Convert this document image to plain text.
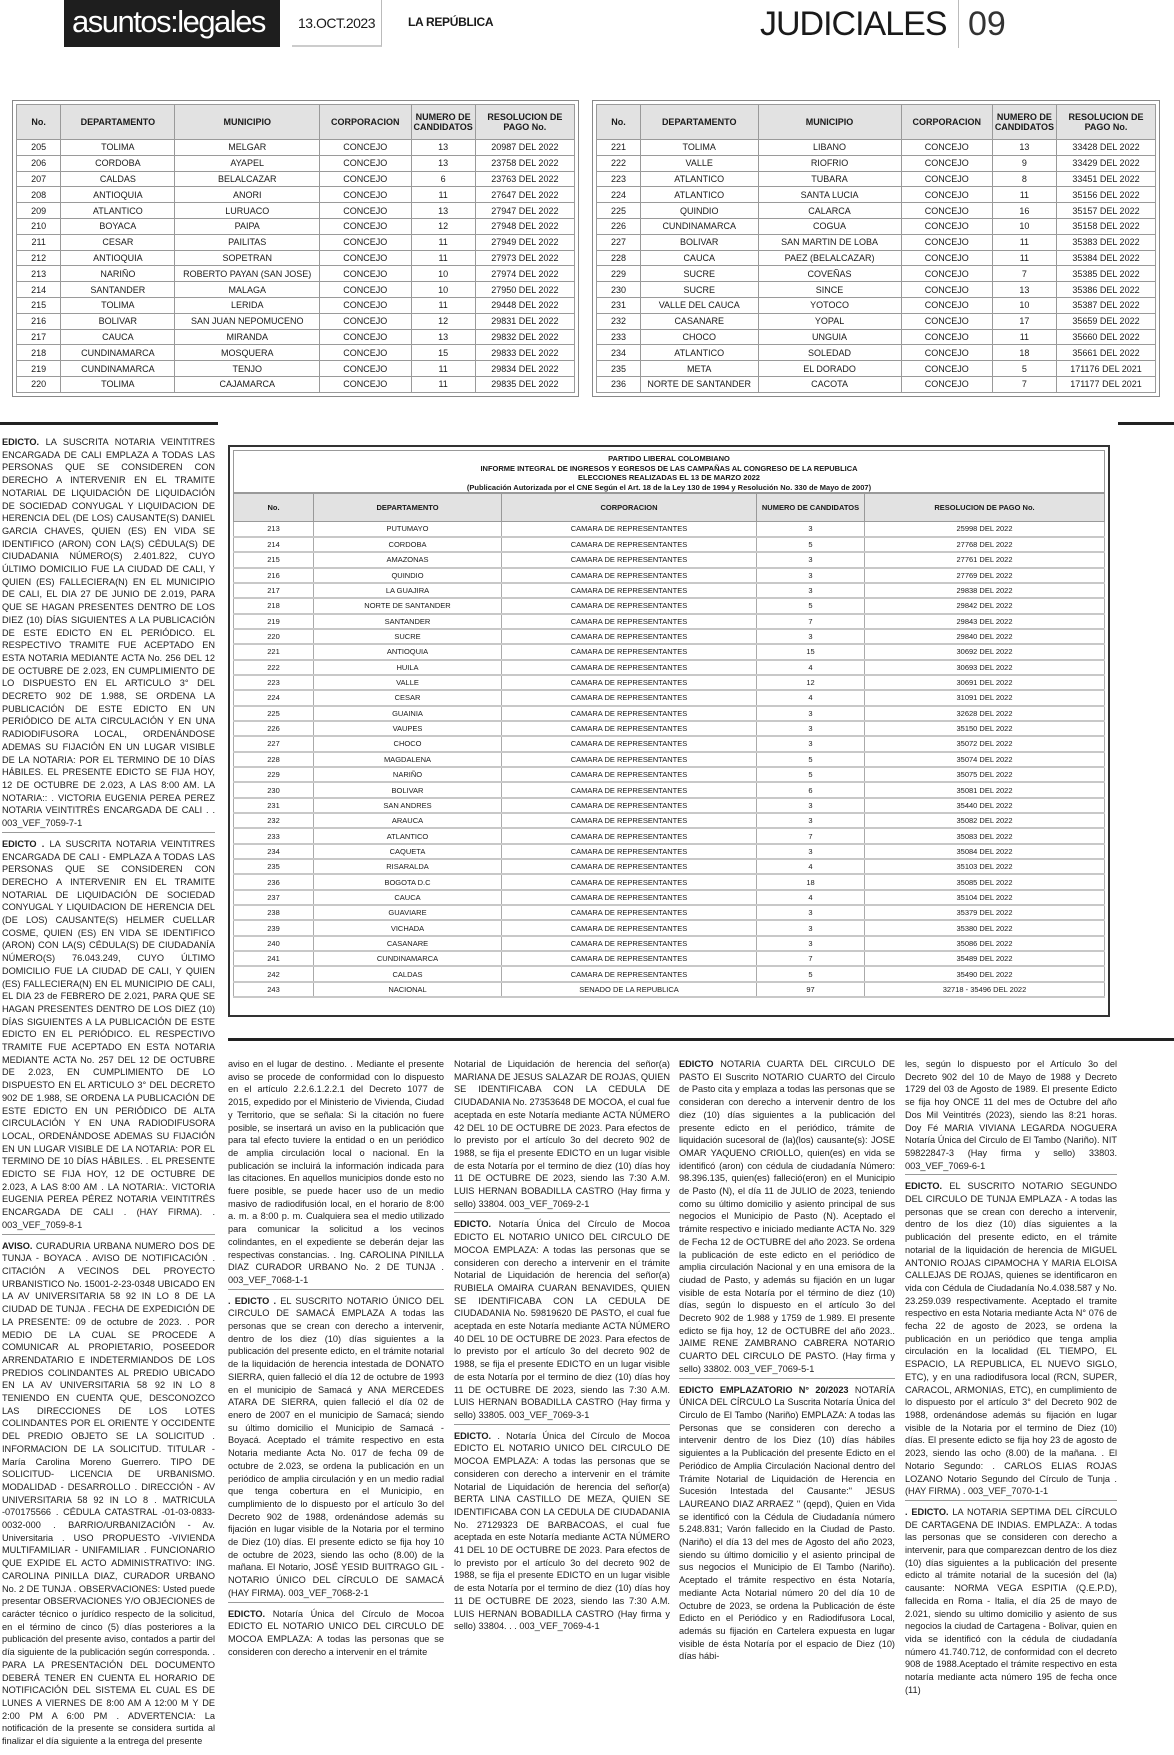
asuntos:legales	13.OCT.2023	LA REPÚBLICA	JUDICIALES 09
No.	DEPARTAMENTO	MUNICIPIO	CORPORACION	NUMERO DE CANDIDATOS	RESOLUCION DE PAGO No.
205	TOLIMA	MELGAR	CONCEJO	13	20987 DEL 2022
206	CORDOBA	AYAPEL	CONCEJO	13	23758 DEL 2022
207	CALDAS	BELALCAZAR	CONCEJO	6	23763 DEL 2022
208	ANTIOQUIA	ANORI	CONCEJO	11	27647 DEL 2022
209	ATLANTICO	LURUACO	CONCEJO	13	27947 DEL 2022
210	BOYACA	PAIPA	CONCEJO	12	27948 DEL 2022
211	CESAR	PAILITAS	CONCEJO	11	27949 DEL 2022
212	ANTIOQUIA	SOPETRAN	CONCEJO	11	27973 DEL 2022
213	NARIÑO	ROBERTO PAYAN (SAN JOSE)	CONCEJO	10	27974 DEL 2022
214	SANTANDER	MALAGA	CONCEJO	10	27950 DEL 2022
215	TOLIMA	LERIDA	CONCEJO	11	29448 DEL 2022
216	BOLIVAR	SAN JUAN NEPOMUCENO	CONCEJO	12	29831 DEL 2022
217	CAUCA	MIRANDA	CONCEJO	13	29832 DEL 2022
218	CUNDINAMARCA	MOSQUERA	CONCEJO	15	29833 DEL 2022
219	CUNDINAMARCA	TENJO	CONCEJO	11	29834 DEL 2022
220	TOLIMA	CAJAMARCA	CONCEJO	11	29835 DEL 2022
No.	DEPARTAMENTO	MUNICIPIO	CORPORACION	NUMERO DE CANDIDATOS	RESOLUCION DE PAGO No.
221	TOLIMA	LIBANO	CONCEJO	13	33428 DEL 2022
222	VALLE	RIOFRIO	CONCEJO	9	33429 DEL 2022
223	ATLANTICO	TUBARA	CONCEJO	8	33451 DEL 2022
224	ATLANTICO	SANTA LUCIA	CONCEJO	11	35156 DEL 2022
225	QUINDIO	CALARCA	CONCEJO	16	35157 DEL 2022
226	CUNDINAMARCA	COGUA	CONCEJO	10	35158 DEL 2022
227	BOLIVAR	SAN MARTIN DE LOBA	CONCEJO	11	35383 DEL 2022
228	CAUCA	PAEZ (BELALCAZAR)	CONCEJO	11	35384 DEL 2022
229	SUCRE	COVEÑAS	CONCEJO	7	35385 DEL 2022
230	SUCRE	SINCE	CONCEJO	13	35386 DEL 2022
231	VALLE DEL CAUCA	YOTOCO	CONCEJO	10	35387 DEL 2022
232	CASANARE	YOPAL	CONCEJO	17	35659 DEL 2022
233	CHOCO	UNGUIA	CONCEJO	11	35660 DEL 2022
234	ATLANTICO	SOLEDAD	CONCEJO	18	35661 DEL 2022
235	META	EL DORADO	CONCEJO	5	171176 DEL 2021
236	NORTE DE SANTANDER	CACOTA	CONCEJO	7	171177 DEL 2021
PARTIDO LIBERAL COLOMBIANO
INFORME INTEGRAL DE INGRESOS Y EGRESOS DE LAS CAMPAÑAS AL CONGRESO DE LA REPUBLICA
ELECCIONES REALIZADAS EL 13 DE MARZO 2022
(Publicación Autorizada por el CNE Según el Art. 18 de la Ley 130 de 1994 y Resolución No. 330 de Mayo de 2007)
No.	DEPARTAMENTO	CORPORACION	NUMERO DE CANDIDATOS	RESOLUCION DE PAGO No.
213	PUTUMAYO	CAMARA DE REPRESENTANTES	3	25998 DEL 2022
214	CORDOBA	CAMARA DE REPRESENTANTES	5	27768 DEL 2022
215	AMAZONAS	CAMARA DE REPRESENTANTES	3	27761 DEL 2022
216	QUINDIO	CAMARA DE REPRESENTANTES	3	27769 DEL 2022
217	LA GUAJIRA	CAMARA DE REPRESENTANTES	3	29838 DEL 2022
218	NORTE DE SANTANDER	CAMARA DE REPRESENTANTES	5	29842 DEL 2022
219	SANTANDER	CAMARA DE REPRESENTANTES	7	29843 DEL 2022
220	SUCRE	CAMARA DE REPRESENTANTES	3	29840 DEL 2022
221	ANTIOQUIA	CAMARA DE REPRESENTANTES	15	30692 DEL 2022
222	HUILA	CAMARA DE REPRESENTANTES	4	30693 DEL 2022
223	VALLE	CAMARA DE REPRESENTANTES	12	30691 DEL 2022
224	CESAR	CAMARA DE REPRESENTANTES	4	31091 DEL 2022
225	GUAINIA	CAMARA DE REPRESENTANTES	3	32628 DEL 2022
226	VAUPES	CAMARA DE REPRESENTANTES	3	35150 DEL 2022
227	CHOCO	CAMARA DE REPRESENTANTES	3	35072 DEL 2022
228	MAGDALENA	CAMARA DE REPRESENTANTES	5	35074 DEL 2022
229	NARIÑO	CAMARA DE REPRESENTANTES	5	35075 DEL 2022
230	BOLIVAR	CAMARA DE REPRESENTANTES	6	35081 DEL 2022
231	SAN ANDRES	CAMARA DE REPRESENTANTES	3	35440 DEL 2022
232	ARAUCA	CAMARA DE REPRESENTANTES	3	35082 DEL 2022
233	ATLANTICO	CAMARA DE REPRESENTANTES	7	35083 DEL 2022
234	CAQUETA	CAMARA DE REPRESENTANTES	3	35084 DEL 2022
235	RISARALDA	CAMARA DE REPRESENTANTES	4	35103 DEL 2022
236	BOGOTA D.C	CAMARA DE REPRESENTANTES	18	35085 DEL 2022
237	CAUCA	CAMARA DE REPRESENTANTES	4	35104 DEL 2022
238	GUAVIARE	CAMARA DE REPRESENTANTES	3	35379 DEL 2022
239	VICHADA	CAMARA DE REPRESENTANTES	3	35380 DEL 2022
240	CASANARE	CAMARA DE REPRESENTANTES	3	35086 DEL 2022
241	CUNDINAMARCA	CAMARA DE REPRESENTANTES	7	35489 DEL 2022
242	CALDAS	CAMARA DE REPRESENTANTES	5	35490 DEL 2022
243	NACIONAL	SENADO DE LA REPUBLICA	97	32718 - 35496 DEL 2022
EDICTO. LA SUSCRITA NOTARIA VEINTITRES ENCARGADA DE CALI EMPLAZA A TODAS LAS PERSONAS QUE SE CONSIDEREN CON DERECHO A INTERVENIR EN EL TRAMITE NOTARIAL DE LIQUIDACIÓN DE LIQUIDACIÓN DE SOCIEDAD CONYUGAL Y LIQUIDACION DE HERENCIA DEL (DE LOS) CAUSANTE(S) DANIEL GARCIA CHAVES, QUIEN (ES) EN VIDA SE IDENTIFICO (ARON) CON LA(S) CÉDULA(S) DE CIUDADANIA NÚMERO(S) 2.401.822, CUYO ÚLTIMO DOMICILIO FUE LA CIUDAD DE CALI, Y QUIEN (ES) FALLECIERA(N) EN EL MUNICIPIO DE CALI, EL DIA 27 DE JUNIO DE 2.019, PARA QUE SE HAGAN PRESENTES DENTRO DE LOS DIEZ (10) DÍAS SIGUIENTES A LA PUBLICACIÓN DE ESTE EDICTO EN EL PERIÓDICO. EL RESPECTIVO TRAMITE FUE ACEPTADO EN ESTA NOTARIA MEDIANTE ACTA No. 256 DEL 12 DE OCTUBRE DE 2.023, EN CUMPLIMIENTO DE LO DISPUESTO EN EL ARTICULO 3° DEL DECRETO 902 DE 1.988, SE ORDENA LA PUBLICACIÓN DE ESTE EDICTO EN UN PERIÓDICO DE ALTA CIRCULACIÓN Y EN UNA RADIODIFUSORA LOCAL, ORDENÁNDOSE ADEMAS SU FIJACIÓN EN UN LUGAR VISIBLE DE LA NOTARIA: POR EL TERMINO DE 10 DÍAS HÁBILES. EL PRESENTE EDICTO SE FIJA HOY, 12 DE OCTUBRE DE 2.023, A LAS 8:00 AM. LA NOTARIA:: . VICTORIA EUGENIA PEREA PEREZ NOTARIA VEINTITRÉS ENCARGADA DE CALI . . 003_VEF_7059-7-1
EDICTO . LA SUSCRITA NOTARIA VEINTITRES ENCARGADA DE CALI - EMPLAZA A TODAS LAS PERSONAS QUE SE CONSIDEREN CON DERECHO A INTERVENIR EN EL TRAMITE NOTARIAL DE LIQUIDACIÓN DE SOCIEDAD CONYUGAL Y LIQUIDACION DE HERENCIA DEL (DE LOS) CAUSANTE(S) HELMER CUELLAR COSME, QUIEN (ES) EN VIDA SE IDENTIFICO (ARON) CON LA(S) CÉDULA(S) DE CIUDADANÍA NÚMERO(S) 76.043.249, CUYO ÚLTIMO DOMICILIO FUE LA CIUDAD DE CALI, Y QUIEN (ES) FALLECIERA(N) EN EL MUNICIPIO DE CALI, EL DIA 23 de FEBRERO DE 2.021, PARA QUE SE HAGAN PRESENTES DENTRO DE LOS DIEZ (10) DÍAS SIGUIENTES A LA PUBLICACIÓN DE ESTE EDICTO EN EL PERIÓDICO. EL RESPECTIVO TRAMITE FUE ACEPTADO EN ESTA NOTARIA MEDIANTE ACTA No. 257 DEL 12 DE OCTUBRE DE 2.023, EN CUMPLIMIENTO DE LO DISPUESTO EN EL ARTICULO 3° DEL DECRETO 902 DE 1.988, SE ORDENA LA PUBLICACIÓN DE ESTE EDICTO EN UN PERIÓDICO DE ALTA CIRCULACIÓN Y EN UNA RADIODIFUSORA LOCAL, ORDENÁNDOSE ADEMAS SU FIJACIÓN EN UN LUGAR VISIBLE DE LA NOTARIA: POR EL TERMINO DE 10 DÍAS HÁBILES. . EL PRESENTE EDICTO SE FIJA HOY, 12 DE OCTUBRE DE 2.023, A LAS 8:00 AM . LA NOTARIA:. VICTORIA EUGENIA PEREA PÉREZ NOTARIA VEINTITRÉS ENCARGADA DE CALI . (HAY FIRMA). . 003_VEF_7059-8-1
AVISO. CURADURIA URBANA NUMERO DOS DE TUNJA - BOYACA . AVISO DE NOTIFICACIÓN . CITACIÓN A VECINOS DEL PROYECTO URBANISTICO No. 15001-2-23-0348 UBICADO EN LA AV UNIVERSITARIA 58 92 IN LO 8 DE LA CIUDAD DE TUNJA . FECHA DE EXPEDICIÓN DE LA PRESENTE: 09 de octubre de 2023. . POR MEDIO DE LA CUAL SE PROCEDE A COMUNICAR AL PROPIETARIO, POSEEDOR ARRENDATARIO E INDETERMIANDOS DE LOS PREDIOS COLINDANTES AL PREDIO UBICADO EN LA AV UNIVERSITARIA 58 92 IN LO 8 TENIENDO EN CUENTA QUE, DESCONOZCO LAS DIRECCIONES DE LOS LOTES COLINDANTES POR EL ORIENTE Y OCCIDENTE DEL PREDIO OBJETO SE LA SOLICITUD . INFORMACION DE LA SOLICITUD. TITULAR - María Carolina Moreno Guerrero. TIPO DE SOLICITUD- LICENCIA DE URBANISMO. MODALIDAD - DESARROLLO . DIRECCIÓN - AV UNIVERSITARIA 58 92 IN LO 8 . MATRICULA -070175566 . CÉDULA CATASTRAL -01-03-0833-0032-000 . BARRIO/URBANIZACIÓN - Av. Universitaria . USO PROPUESTO -VIVIENDA MULTIFAMILIAR - UNIFAMILIAR . FUNCIONARIO QUE EXPIDE EL ACTO ADMINISTRATIVO: ING. CAROLINA PINILLA DIAZ, CURADOR URBANO No. 2 DE TUNJA . OBSERVACIONES: Usted puede presentar OBSERVACIONES Y/O OBJECIONES de carácter técnico o jurídico respecto de la solicitud, en el término de cinco (5) días posteriores a la publicación del presente aviso, contados a partir del día siguiente de la publicación según corresponda. . PARA LA PRESENTACIÓN DEL DOCUMENTO DEBERÁ TENER EN CUENTA EL HORARIO DE NOTIFICACIÓN DEL SISTEMA EL CUAL ES DE LUNES A VIERNES DE 8:00 AM A 12:00 M Y DE 2:00 PM A 6:00 PM . ADVERTENCIA: La notificación de la presente se considera surtida al finalizar el día siguiente a la entrega del presente
aviso en el lugar de destino. . Mediante el presente aviso se procede de conformidad con lo dispuesto en el artículo 2.2.6.1.2.2.1 del Decreto 1077 de 2015, expedido por el Ministerio de Vivienda, Ciudad y Territorio, que se señala: Si la citación no fuere posible, se insertará un aviso en la publicación que para tal efecto tuviere la entidad o en un periódico de amplia circulación local o nacional. En la publicación se incluirá la información indicada para las citaciones. En aquellos municipios donde esto no fuere posible, se puede hacer uso de un medio masivo de radiodifusión local, en el horario de 8:00 a. m. a 8:00 p. m. Cualquiera sea el medio utilizado para comunicar la solicitud a los vecinos colindantes, en el expediente se deberán dejar las respectivas constancias. . Ing. CAROLINA PINILLA DIAZ CURADOR URBANO No. 2 DE TUNJA . 003_VEF_7068-1-1
. EDICTO . EL SUSCRITO NOTARIO ÚNICO DEL CIRCULO DE SAMACÁ EMPLAZA A todas las personas que se crean con derecho a intervenir, dentro de los diez (10) días siguientes a la publicación del presente edicto, en el trámite notarial de la liquidación de herencia intestada de DONATO SIERRA, quien falleció el día 12 de octubre de 1993 en el municipio de Samacá y ANA MERCEDES ATARA DE SIERRA, quien falleció el día 02 de enero de 2007 en el municipio de Samacá; siendo su último domicilio el Municipio de Samacá - Boyacá. Aceptado el trámite respectivo en esta Notaria mediante Acta No. 017 de fecha 09 de octubre de 2.023, se ordena la publicación en un periódico de amplia circulación y en un medio radial que tenga cobertura en el Municipio, en cumplimiento de lo dispuesto por el artículo 3o del Decreto 902 de 1988, ordenándose además su fijación en lugar visible de la Notaria por el termino de Diez (10) días. El presente edicto se fija hoy 10 de octubre de 2023, siendo las ocho (8.00) de la mañana. El Notario, JOSÉ YESID BUITRAGO GIL -NOTARIO ÚNICO DEL CÍRCULO DE SAMACÁ (HAY FIRMA). 003_VEF_7068-2-1
EDICTO. Notaría Única del Círculo de Mocoa EDICTO EL NOTARIO UNICO DEL CIRCULO DE MOCOA EMPLAZA: A todas las personas que se consideren con derecho a intervenir en el trámite
Notarial de Liquidación de herencia del señor(a) MARIANA DE JESUS SALAZAR DE ROJAS, QUIEN SE IDENTIFICABA CON LA CEDULA DE CIUDADANIA No. 27353648 DE MOCOA, el cual fue aceptada en este Notaría mediante ACTA NÚMERO 42 DEL 10 DE OCTUBRE DE 2023. Para efectos de lo previsto por el artículo 3o del decreto 902 de 1988, se fija el presente EDICTO en un lugar visible de esta Notaría por el termino de diez (10) días hoy 11 DE OCTUBRE DE 2023, siendo las 7:30 A.M. LUIS HERNAN BOBADILLA CASTRO (Hay firma y sello) 33804. 003_VEF_7069-2-1
EDICTO. Notaría Única del Círculo de Mocoa EDICTO EL NOTARIO UNICO DEL CIRCULO DE MOCOA EMPLAZA: A todas las personas que se consideren con derecho a intervenir en el trámite Notarial de Liquidación de herencia del señor(a) RUBIELA OMAIRA CUARAN BENAVIDES, QUIEN SE IDENTIFICABA CON LA CEDULA DE CIUDADANIA No. 59819620 DE PASTO, el cual fue aceptada en este Notaría mediante ACTA NÚMERO 40 DEL 10 DE OCTUBRE DE 2023. Para efectos de lo previsto por el artículo 3o del decreto 902 de 1988, se fija el presente EDICTO en un lugar visible de esta Notaría por el termino de diez (10) días hoy 11 DE OCTUBRE DE 2023, siendo las 7:30 A.M. LUIS HERNAN BOBADILLA CASTRO (Hay firma y sello) 33805. 003_VEF_7069-3-1
EDICTO. . Notaría Única del Círculo de Mocoa EDICTO EL NOTARIO UNICO DEL CIRCULO DE MOCOA EMPLAZA: A todas las personas que se consideren con derecho a intervenir en el trámite Notarial de Liquidación de herencia del señor(a) BERTA LINA CASTILLO DE MEZA, QUIEN SE IDENTIFICABA CON LA CEDULA DE CIUDADANIA No. 27129323 DE BARBACOAS, el cual fue aceptada en este Notaría mediante ACTA NÚMERO 41 DEL 10 DE OCTUBRE DE 2023. Para efectos de lo previsto por el artículo 3o del decreto 902 de 1988, se fija el presente EDICTO en un lugar visible de esta Notaría por el termino de diez (10) días hoy 11 DE OCTUBRE DE 2023, siendo las 7:30 A.M. LUIS HERNAN BOBADILLA CASTRO (Hay firma y sello) 33804. . . 003_VEF_7069-4-1
EDICTO NOTARIA CUARTA DEL CIRCULO DE PASTO El Suscrito NOTARIO CUARTO del Circulo de Pasto cita y emplaza a todas las personas que se consideran con derecho a intervenir dentro de los diez (10) días siguientes a la publicación del presente edicto en el periódico, trámite de liquidación sucesoral de (la)(los) causante(s): JOSE OMAR YAQUENO CRIOLLO, quien(es) en vida se identificó (aron) con cédula de ciudadanía Número: 98.396.135, quien(es) falleció(eron) en el Municipio de Pasto (N), el día 11 de JULIO de 2023, teniendo como su último domicilio y asiento principal de sus negocios el Municipio de Pasto (N). Aceptado el trámite respectivo e iniciado mediante ACTA No. 329 de Fecha 12 de OCTUBRE del año 2023. Se ordena la publicación de este edicto en el periódico de amplia circulación Nacional y en una emisora de la ciudad de Pasto, y además su fijación en un lugar visible de esta Notaría por el término de diez (10) días, según lo dispuesto en el artículo 3o del Decreto 902 de 1.988 y 1759 de 1.989. El presente edicto se fija hoy, 12 de OCTUBRE del año 2023.. JAIME RENE ZAMBRANO CABRERA NOTARIO CUARTO DEL CIRCULO DE PASTO. (Hay firma y sello) 33802. 003_VEF_7069-5-1
EDICTO EMPLAZATORIO N° 20/2023 NOTARÍA ÚNICA DEL CÍRCULO La Suscrita Notaría Única del Circulo de El Tambo (Nariño) EMPLAZA: A todas las Personas que se consideren con derecho a intervenir dentro de los Diez (10) días hábiles siguientes a la Publicación del presente Edicto en el Periódico de Amplia Circulación Nacional dentro del Trámite Notarial de Liquidación de Herencia en Sucesión Intestada del Causante:" JESUS LAUREANO DIAZ ARRAEZ " (qepd), Quien en Vida se identificó con la Cédula de Ciudadanía número 5.248.831; Varón fallecido en la Ciudad de Pasto. (Nariño) el día 13 del mes de Agosto del año 2023, siendo su último domicilio y el asiento principal de sus negocios el Municipio de El Tambo (Nariño). Aceptado el trámite respectivo en ésta Notaría, mediante Acta Notarial número 20 del día 10 de Octubre de 2023, se ordena la Publicación de éste Edicto en el Periódico y en Radiodifusora Local, además su fijación en Cartelera expuesta en lugar visible de ésta Notaría por el espacio de Diez (10) días hábi-
les, según lo dispuesto por el Artículo 3o del Decreto 902 del 10 de Mayo de 1988 y Decreto 1729 del 03 de Agosto de 1989. El presente Edicto se fija hoy ONCE 11 del mes de Octubre del año Dos Mil Veintitrés (2023), siendo las 8:21 horas. Doy Fé MARIA VIVIANA LEGARDA NOGUERA Notaría Única del Circulo de El Tambo (Nariño). NIT 59822847-3 (Hay firma y sello) 33803. 003_VEF_7069-6-1
EDICTO. EL SUSCRITO NOTARIO SEGUNDO DEL CIRCULO DE TUNJA EMPLAZA - A todas las personas que se crean con derecho a intervenir, dentro de los diez (10) días siguientes a la publicación del presente edicto, en el trámite notarial de la liquidación de herencia de MIGUEL ANTONIO ROJAS CIPAMOCHA Y MARIA ELOISA CALLEJAS DE ROJAS, quienes se identificaron en vida con Cédula de Ciudadanía No.4.038.587 y No. 23.259.039 respectivamente. Aceptado el tramite respectivo en esta Notaria mediante Acta N° 076 de fecha 22 de agosto de 2023, se ordena la publicación en un periódico que tenga amplia circulación en la localidad (EL TIEMPO, EL ESPACIO, LA REPUBLICA, EL NUEVO SIGLO, ETC), y en una radiodifusora local (RCN, SUPER, CARACOL, ARMONIAS, ETC), en cumplimiento de lo dispuesto por el artículo 3° del Decreto 902 de 1988, ordenándose además su fijación en lugar visible de la Notaria por el termino de Diez (10) días. El presente edicto se fija hoy 23 de agosto de 2023, siendo las ocho (8.00) de la mañana. . El Notario Segundo: . CARLOS ELIAS ROJAS LOZANO Notario Segundo del Círculo de Tunja . (HAY FIRMA) . 003_VEF_7070-1-1
. EDICTO. LA NOTARIA SEPTIMA DEL CÍRCULO DE CARTAGENA DE INDIAS. EMPLAZA:. A todas las personas que se consideren con derecho a intervenir, para que comparezcan dentro de los diez (10) días siguientes a la publicación del presente edicto al trámite notarial de la sucesión del (la) causante: NORMA VEGA ESPITIA (Q.E.P.D), fallecida en Roma - Italia, el día 25 de mayo de 2.021, siendo su ultimo domicilio y asiento de sus negocios la ciudad de Cartagena - Bolivar, quien en vida se identificó con la cédula de ciudadanía número 41.740.712, de conformidad con el decreto 908 de 1988.Aceptado el trámite respectivo en esta notaría mediante acta número 195 de fecha once (11)
